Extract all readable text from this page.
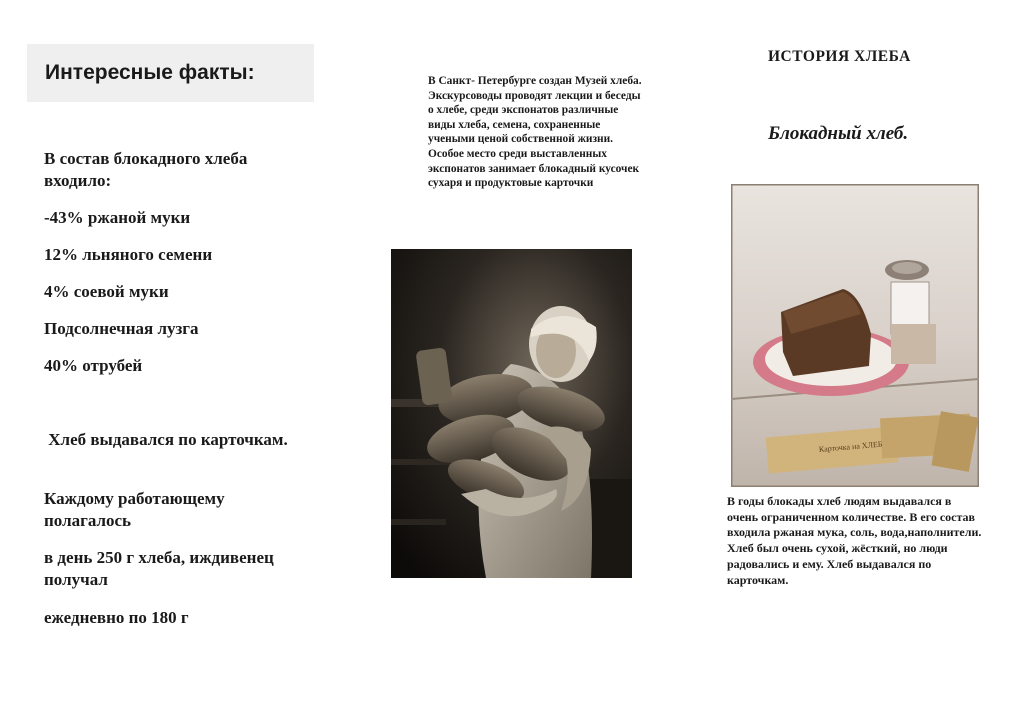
Интересные факты:

В состав блокадного хлеба входило:

-43% ржаной муки

12% льняного семени

4% соевой муки

Подсолнечная лузга

40% отрубей

Хлеб выдавался по карточкам.

Каждому работающему полагалось

в день 250 г хлеба, иждивенец получал

ежедневно по 180 г

В Санкт- Петербурге создан Музей хлеба. Экскурсоводы проводят лекции и беседы о хлебе, среди экспонатов различные виды хлеба, семена, сохраненные учеными ценой собственной жизни. Особое место среди выставленных экспонатов занимает блокадный кусочек сухаря и продуктовые карточки

ИСТОРИЯ ХЛЕБА
Блокадный хлеб.
Карточка на ХЛЕБ

В годы блокады хлеб людям выдавался в очень ограниченном количестве. В его состав входила ржаная мука, соль, вода,наполнители. Хлеб был очень сухой, жёсткий, но люди радовались и ему. Хлеб выдавался по карточкам.
